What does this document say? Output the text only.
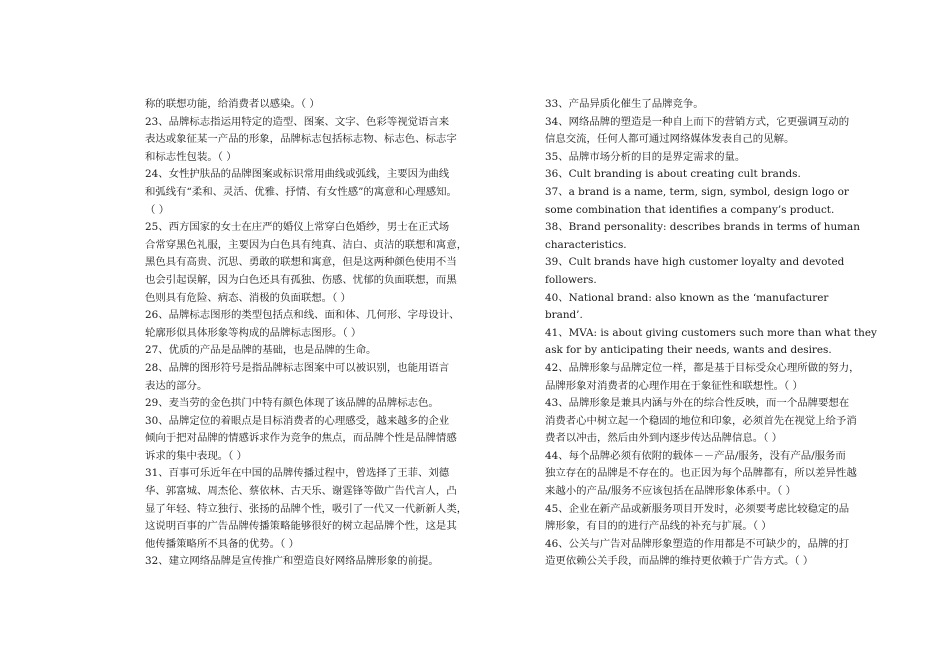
称的联想功能，给消费者以感染。（ ）
23、品牌标志指运用特定的造型、图案、文字、色彩等视觉语言来
表达或象征某一产品的形象，品牌标志包括标志物、标志色、标志字
和标志性包装。（ ）
24、女性护肤品的品牌图案或标识常用曲线或弧线，主要因为曲线
和弧线有“柔和、灵活、优雅、抒情、有女性感”的寓意和心理感知。
（ ）
25、西方国家的女士在庄严的婚仪上常穿白色婚纱，男士在正式场
合常穿黑色礼服，主要因为白色具有纯真、洁白、贞洁的联想和寓意，
黑色具有高贵、沉思、勇敢的联想和寓意，但是这两种颜色使用不当
也会引起误解，因为白色还具有孤独、伤感、忧郁的负面联想，而黑
色则具有危险、病态、消极的负面联想。（ ）
26、品牌标志图形的类型包括点和线、面和体、几何形、字母设计、
轮廓形似具体形象等构成的品牌标志图形。（ ）
27、优质的产品是品牌的基础，也是品牌的生命。
28、品牌的图形符号是指品牌标志图案中可以被识别，也能用语言
表达的部分。
29、麦当劳的金色拱门中特有颜色体现了该品牌的品牌标志色。
30、品牌定位的着眼点是目标消费者的心理感受，越来越多的企业
倾向于把对品牌的情感诉求作为竞争的焦点，而品牌个性是品牌情感
诉求的集中表现。（ ）
31、百事可乐近年在中国的品牌传播过程中，曾选择了王菲、刘德
华、郭富城、周杰伦、蔡依林、古天乐、谢霆锋等做广告代言人，凸
显了年轻、特立独行、张扬的品牌个性，吸引了一代又一代新新人类，
这说明百事的广告品牌传播策略能够很好的树立起品牌个性，这是其
他传播策略所不具备的优势。（ ）
32、建立网络品牌是宣传推广和塑造良好网络品牌形象的前提。
33、产品异质化催生了品牌竞争。
34、网络品牌的塑造是一种自上而下的营销方式，它更强调互动的
信息交流，任何人都可通过网络媒体发表自己的见解。
35、品牌市场分析的目的是界定需求的量。
36、Cult branding is about creating cult brands.
37、a brand is a name, term, sign, symbol, design logo or
some combination that identifies a company’s product.
38、Brand personality: describes brands in terms of human
characteristics.
39、Cult brands have high customer loyalty and devoted
followers.
40、National brand: also known as the ‘manufacturer
brand’.
41、MVA: is about giving customers such more than what they
ask for by anticipating their needs, wants and desires.
42、品牌形象与品牌定位一样，都是基于目标受众心理所做的努力，
品牌形象对消费者的心理作用在于象征性和联想性。（ ）
43、品牌形象是兼具内涵与外在的综合性反映，而一个品牌要想在
消费者心中树立起一个稳固的地位和印象，必须首先在视觉上给予消
费者以冲击，然后由外到内逐步传达品牌信息。（ ）
44、每个品牌必须有依附的载体－－产品/服务，没有产品/服务而
独立存在的品牌是不存在的。也正因为每个品牌都有，所以差异性越
来越小的产品/服务不应该包括在品牌形象体系中。（ ）
45、企业在新产品或新服务项目开发时，必须要考虑比较稳定的品
牌形象，有目的的进行产品线的补充与扩展。（ ）
46、公关与广告对品牌形象塑造的作用都是不可缺少的，品牌的打
造更依赖公关手段，而品牌的维持更依赖于广告方式。（ ）
